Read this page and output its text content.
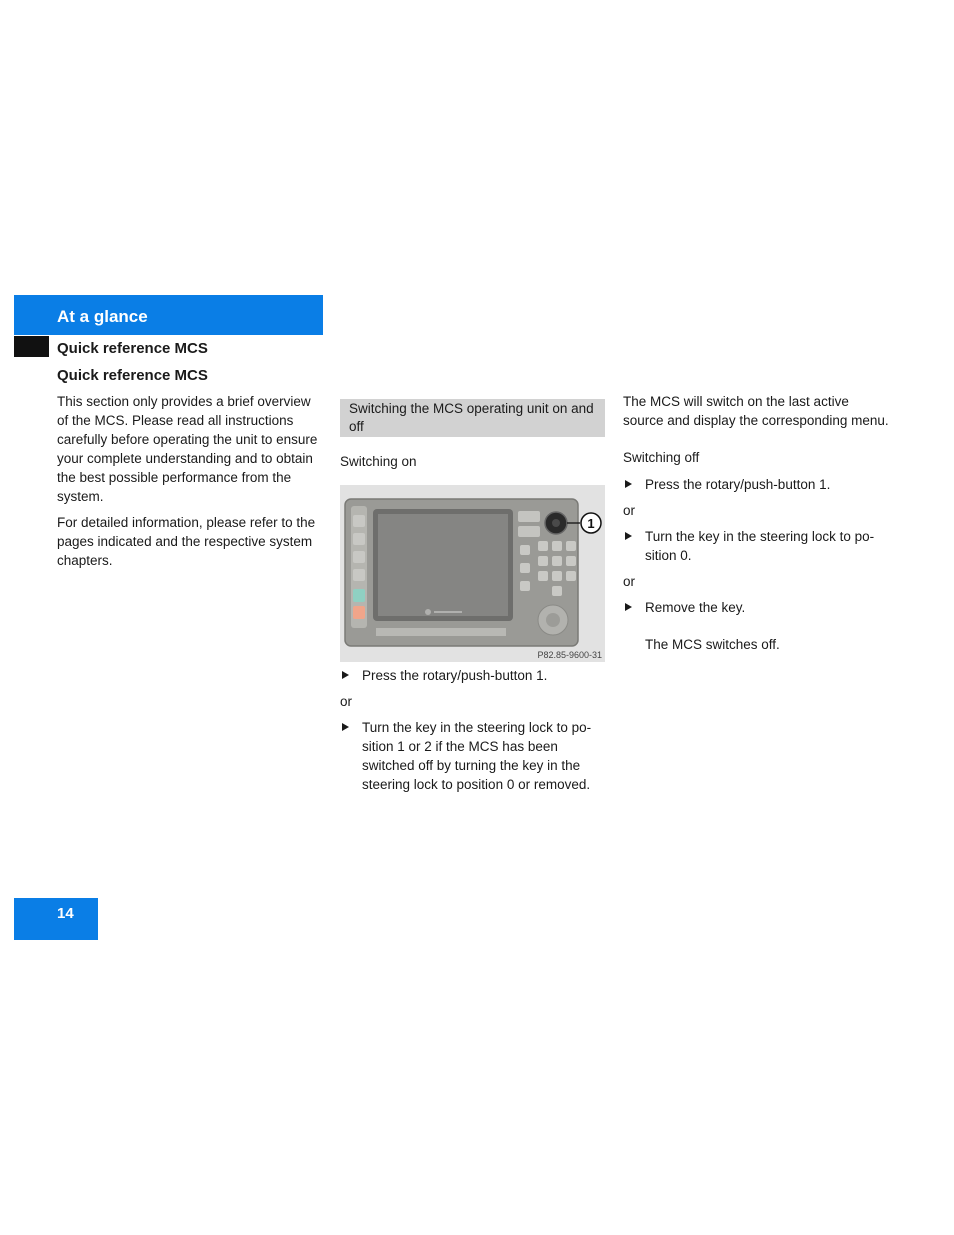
At a glance
Quick reference MCS
Quick reference MCS

This section only provides a brief overview of the MCS. Please read all instructions carefully before operating the unit to ensure your complete understanding and to obtain the best possible performance from the system.

For detailed information, please refer to the pages indicated and the respective system chapters.

Switching the MCS operating unit on and off
Switching on
1
P82.85-9600-31
Press the rotary/push-button 1.
or
Turn the key in the steering lock to position 1 or 2 if the MCS has been switched off by turning the key in the steering lock to position 0 or removed.

The MCS will switch on the last active source and display the corresponding menu.

Switching off
Press the rotary/push-button 1.
or
Turn the key in the steering lock to position 0.
or
Remove the key.
The MCS switches off.
14
